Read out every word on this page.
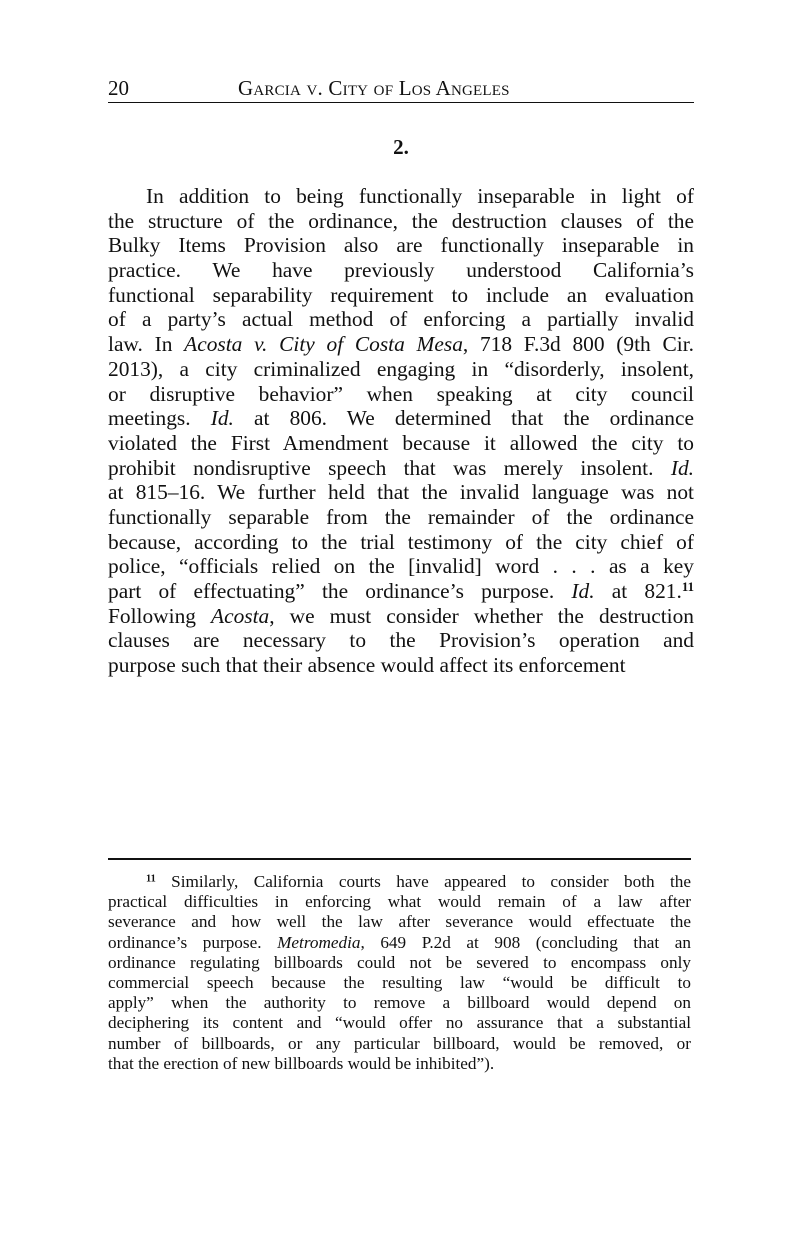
20	Garcia v. City of Los Angeles
2.
In addition to being functionally inseparable in light of
the structure of the ordinance, the destruction clauses of the
Bulky Items Provision also are functionally inseparable in
practice. We have previously understood California’s
functional separability requirement to include an evaluation
of a party’s actual method of enforcing a partially invalid
law. In Acosta v. City of Costa Mesa, 718 F.3d 800 (9th Cir.
2013), a city criminalized engaging in “disorderly, insolent,
or disruptive behavior” when speaking at city council
meetings. Id. at 806. We determined that the ordinance
violated the First Amendment because it allowed the city to
prohibit nondisruptive speech that was merely insolent. Id.
at 815–16. We further held that the invalid language was not
functionally separable from the remainder of the ordinance
because, according to the trial testimony of the city chief of
police, “officials relied on the [invalid] word . . . as a key
part of effectuating” the ordinance’s purpose. Id. at 821.11
Following Acosta, we must consider whether the destruction
clauses are necessary to the Provision’s operation and
purpose such that their absence would affect its enforcement
$^{11}$ Similarly, California courts have appeared to consider both the
practical difficulties in enforcing what would remain of a law after
severance and how well the law after severance would effectuate the
ordinance’s purpose. Metromedia, 649 P.2d at 908 (concluding that an
ordinance regulating billboards could not be severed to encompass only
commercial speech because the resulting law “would be difficult to
apply” when the authority to remove a billboard would depend on
deciphering its content and “would offer no assurance that a substantial
number of billboards, or any particular billboard, would be removed, or
that the erection of new billboards would be inhibited”).
